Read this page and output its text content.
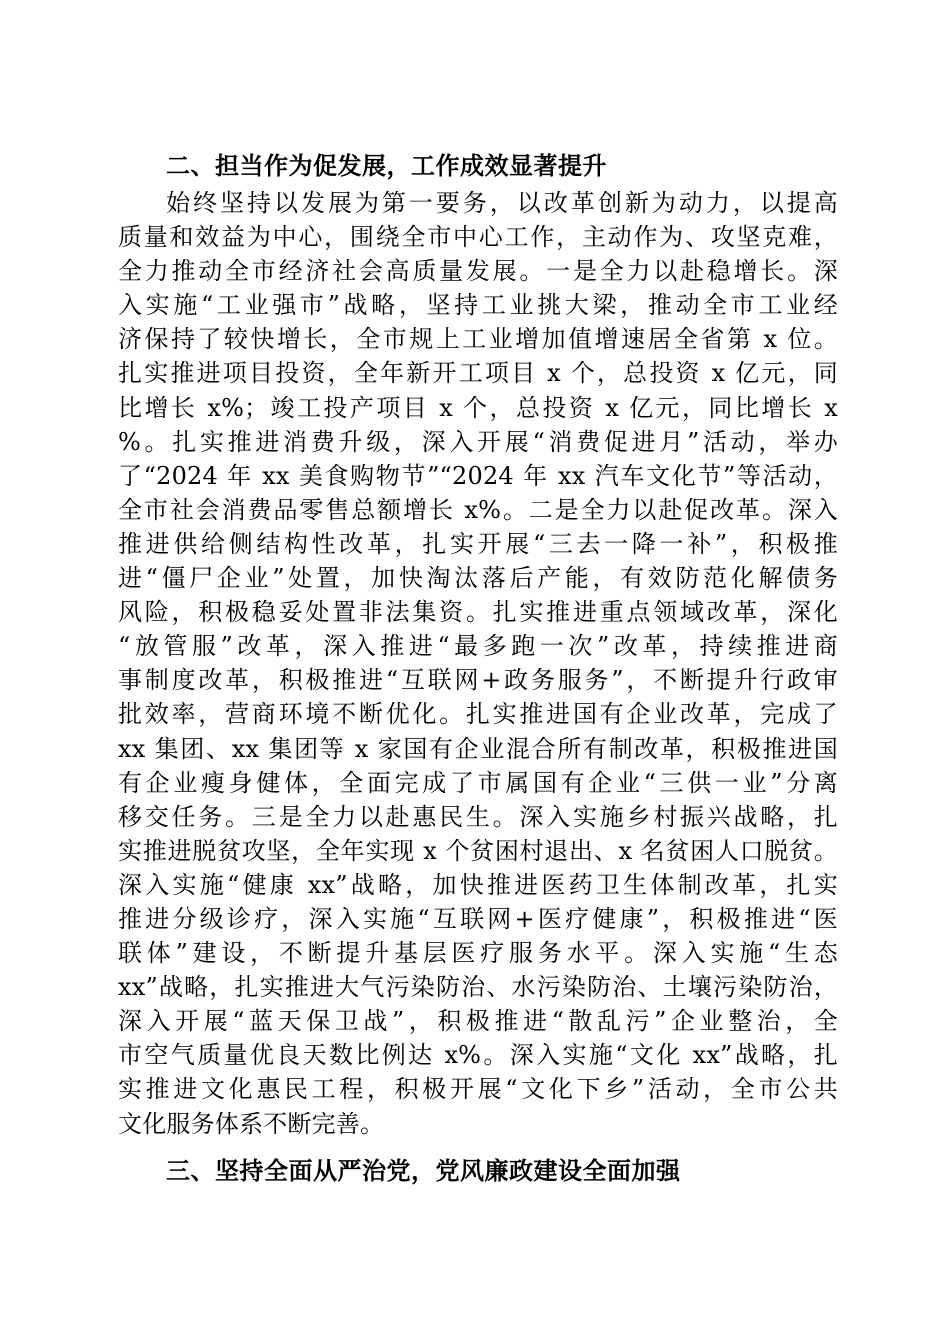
二、担当作为促发展，工作成效显著提升
始终坚持以发展为第一要务，以改革创新为动力，以提高
质量和效益为中心，围绕全市中心工作，主动作为、攻坚克难，
全力推动全市经济社会高质量发展。一是全力以赴稳增长。深
入实施“工业强市”战略，坚持工业挑大梁，推动全市工业经
济保持了较快增长，全市规上工业增加值增速居全省第 x 位。
扎实推进项目投资，全年新开工项目 x 个，总投资 x 亿元，同
比增长 x%；竣工投产项目 x 个，总投资 x 亿元，同比增长 x
%。扎实推进消费升级，深入开展“消费促进月”活动，举办
了“2024 年 xx 美食购物节”“2024 年 xx 汽车文化节”等活动，
全市社会消费品零售总额增长 x%。二是全力以赴促改革。深入
推进供给侧结构性改革，扎实开展“三去一降一补”，积极推
进“僵尸企业”处置，加快淘汰落后产能，有效防范化解债务
风险，积极稳妥处置非法集资。扎实推进重点领域改革，深化
“放管服”改革，深入推进“最多跑一次”改革，持续推进商
事制度改革，积极推进“互联网+政务服务”，不断提升行政审
批效率，营商环境不断优化。扎实推进国有企业改革，完成了
xx 集团、xx 集团等 x 家国有企业混合所有制改革，积极推进国
有企业瘦身健体，全面完成了市属国有企业“三供一业”分离
移交任务。三是全力以赴惠民生。深入实施乡村振兴战略，扎
实推进脱贫攻坚，全年实现 x 个贫困村退出、x 名贫困人口脱贫。
深入实施“健康 xx”战略，加快推进医药卫生体制改革，扎实
推进分级诊疗，深入实施“互联网+医疗健康”，积极推进“医
联体”建设，不断提升基层医疗服务水平。深入实施“生态
xx”战略，扎实推进大气污染防治、水污染防治、土壤污染防治，
深入开展“蓝天保卫战”，积极推进“散乱污”企业整治，全
市空气质量优良天数比例达 x%。深入实施“文化 xx”战略，扎
实推进文化惠民工程，积极开展“文化下乡”活动，全市公共
文化服务体系不断完善。
三、坚持全面从严治党，党风廉政建设全面加强
